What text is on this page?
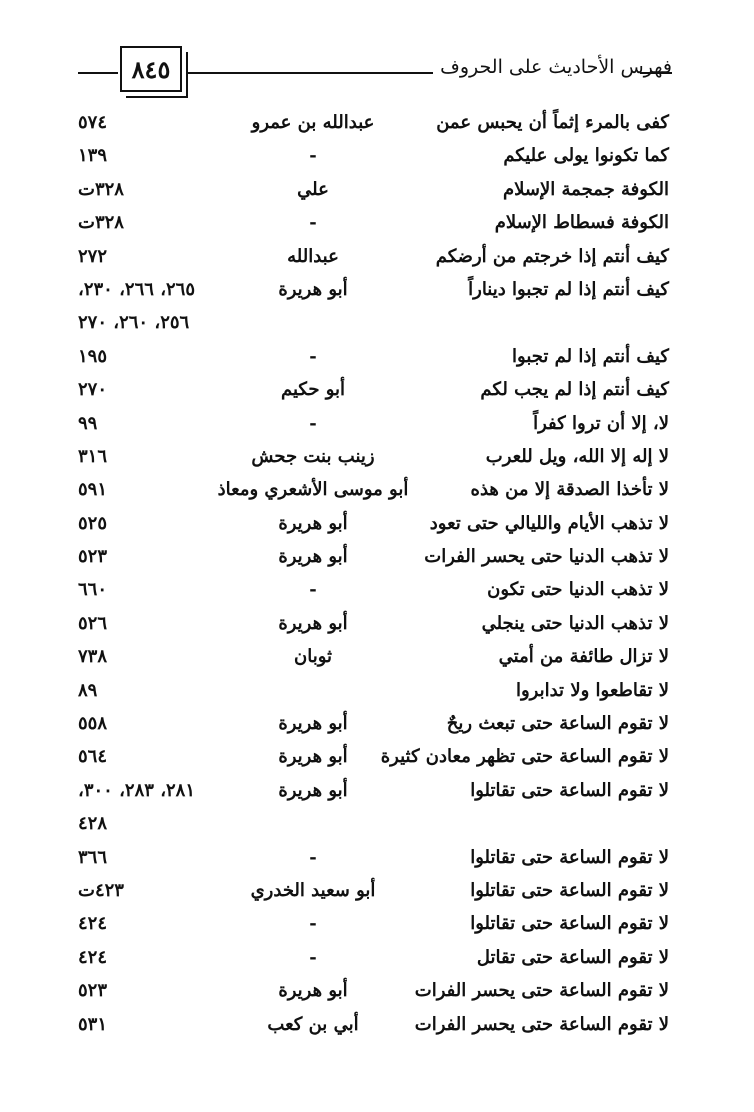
٨٤٥	فهرس الأحاديث على الحروف
كفى بالمرء إثماً أن يحبس عمن
عبدالله بن عمرو
٥٧٤
كما تكونوا يولى عليكم
-
١٣٩
الكوفة جمجمة الإسلام
علي
٣٢٨ت
الكوفة فسطاط الإسلام
-
٣٢٨ت
كيف أنتم إذا خرجتم من أرضكم
عبدالله
٢٧٢
كيف أنتم إذا لم تجبوا ديناراً
أبو هريرة
٢٦٥، ٢٦٦، ٢٣٠،
٢٥٦، ٢٦٠، ٢٧٠
كيف أنتم إذا لم تجبوا
-
١٩٥
كيف أنتم إذا لم يجب لكم
أبو حكيم
٢٧٠
لا، إلا أن تروا كفراً
-
٩٩
لا إله إلا الله، ويل للعرب
زينب بنت جحش
٣١٦
لا تأخذا الصدقة إلا من هذه
أبو موسى الأشعري ومعاذ
٥٩١
لا تذهب الأيام والليالي حتى تعود
أبو هريرة
٥٢٥
لا تذهب الدنيا حتى يحسر الفرات
أبو هريرة
٥٢٣
لا تذهب الدنيا حتى تكون
-
٦٦٠
لا تذهب الدنيا حتى ينجلي
أبو هريرة
٥٢٦
لا تزال طائفة من أمتي
ثوبان
٧٣٨
لا تقاطعوا ولا تدابروا
٨٩
لا تقوم الساعة حتى تبعث ريحٌ
أبو هريرة
٥٥٨
لا تقوم الساعة حتى تظهر معادن كثيرة
أبو هريرة
٥٦٤
لا تقوم الساعة حتى تقاتلوا
أبو هريرة
٢٨١، ٢٨٣، ٣٠٠،
٤٢٨
لا تقوم الساعة حتى تقاتلوا
-
٣٦٦
لا تقوم الساعة حتى تقاتلوا
أبو سعيد الخدري
٤٢٣ت
لا تقوم الساعة حتى تقاتلوا
-
٤٢٤
لا تقوم الساعة حتى تقاتل
-
٤٢٤
لا تقوم الساعة حتى يحسر الفرات
أبو هريرة
٥٢٣
لا تقوم الساعة حتى يحسر الفرات
أبي بن كعب
٥٣١
